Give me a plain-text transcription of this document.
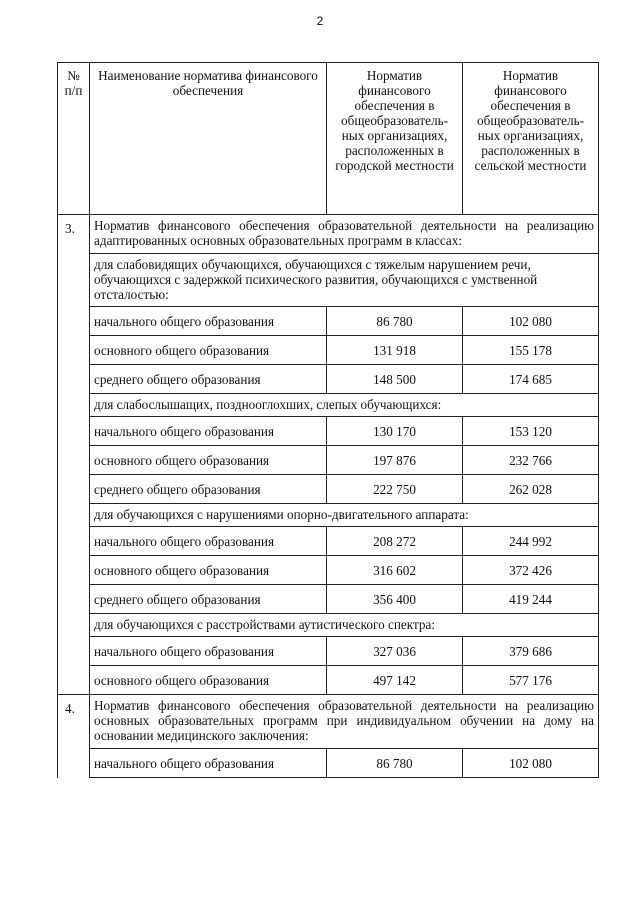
2
№ п/п	Наименование норматива финансового обеспечения	Норматив финансового обеспечения в общеобразователь-ных организациях, расположенных в городской местности	Норматив финансового обеспечения в общеобразователь-ных организациях, расположенных в сельской местности
3.	Норматив финансового обеспечения образовательной деятельности на реализацию адаптированных основных образовательных программ в классах:		
	для слабовидящих обучающихся, обучающихся с тяжелым нарушением речи, обучающихся с задержкой психического развития, обучающихся с умственной отсталостью:		
	начального общего образования	86 780	102 080
	основного общего образования	131 918	155 178
	среднего общего образования	148 500	174 685
	для слабослышащих, позднооглохших, слепых обучающихся:		
	начального общего образования	130 170	153 120
	основного общего образования	197 876	232 766
	среднего общего образования	222 750	262 028
	для обучающихся с нарушениями опорно-двигательного аппарата:		
	начального общего образования	208 272	244 992
	основного общего образования	316 602	372 426
	среднего общего образования	356 400	419 244
	для обучающихся с расстройствами аутистического спектра:		
	начального общего образования	327 036	379 686
	основного общего образования	497 142	577 176
4.	Норматив финансового обеспечения образовательной деятельности на реализацию основных образовательных программ при индивидуальном обучении на дому на основании медицинского заключения:		
	начального общего образования	86 780	102 080
